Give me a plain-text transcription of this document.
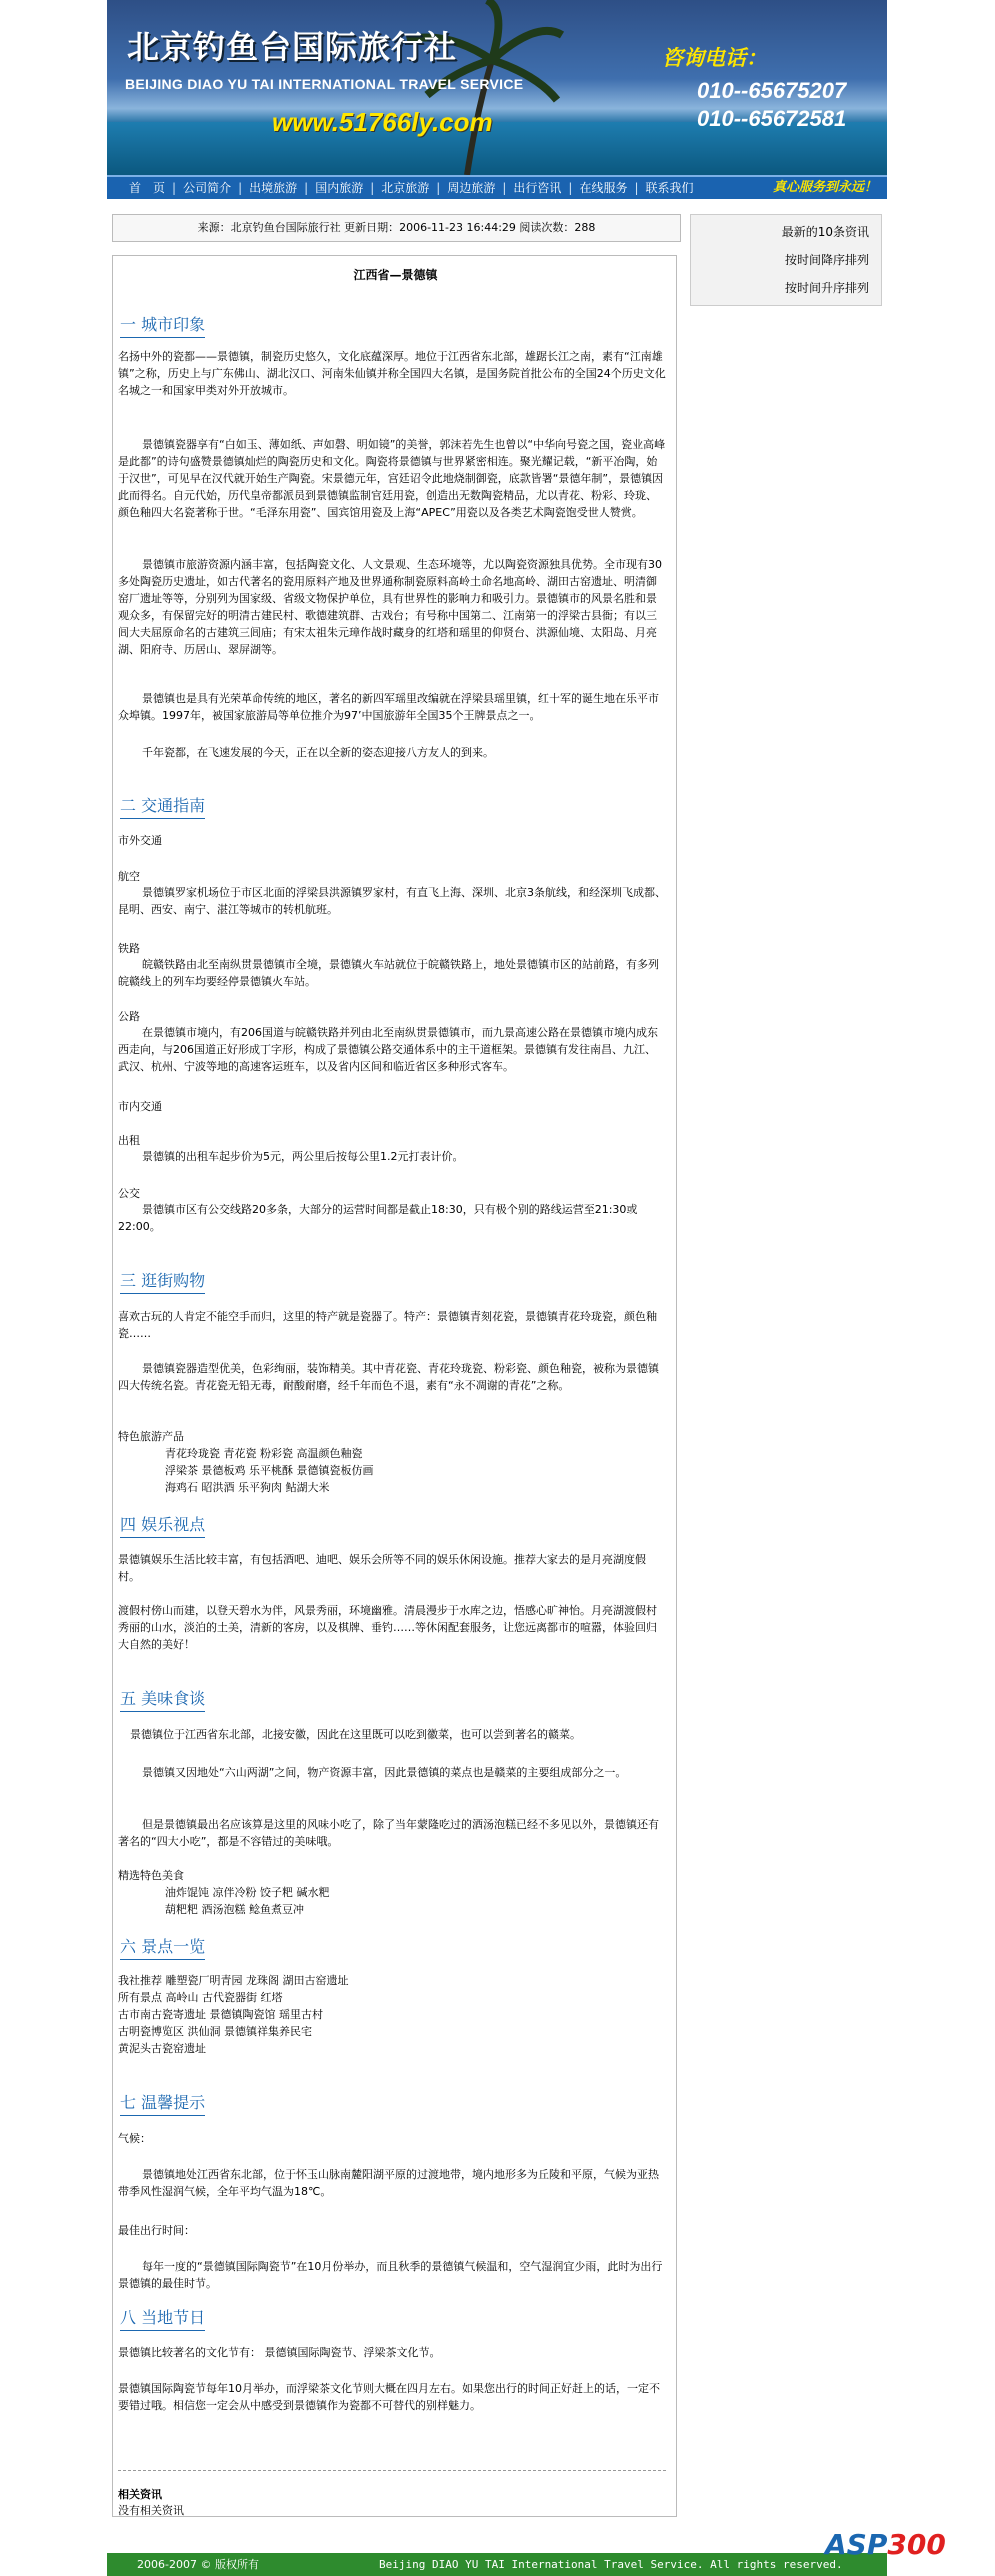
北京钓鱼台国际旅行社
BEIJING DIAO YU TAI INTERNATIONAL TRAVEL SERVICE
www.51766ly.com
咨询电话：
010--65675207
010--65672581
首　页 | 公司简介 | 出境旅游 | 国内旅游 | 北京旅游 | 周边旅游 | 出行咨讯 | 在线服务 | 联系我们	真心服务到永远！
来源：北京钓鱼台国际旅行社 更新日期：2006-11-23 16:44:29 阅读次数：288	最新的10条资讯
按时间降序排列
按时间升序排列
江西省—景德镇
一 城市印象
名扬中外的瓷都——景德镇，制瓷历史悠久，文化底蕴深厚。地位于江西省东北部，雄踞长江之南，素有“江南雄镇”之称，历史上与广东佛山、湖北汉口、河南朱仙镇并称全国四大名镇，是国务院首批公布的全国24个历史文化名城之一和国家甲类对外开放城市。
景德镇瓷器享有“白如玉、薄如纸、声如磬、明如镜”的美誉，郭沫若先生也曾以“中华向号瓷之国，瓷业高峰是此都”的诗句盛赞景德镇灿烂的陶瓷历史和文化。陶瓷将景德镇与世界紧密相连。聚光耀记载，“新平冶陶，始于汉世”，可见早在汉代就开始生产陶瓷。宋景德元年，宫廷诏令此地烧制御瓷，底款皆署“景德年制”，景德镇因此而得名。自元代始，历代皇帝都派员到景德镇监制官廷用瓷，创造出无数陶瓷精品，尤以青花、粉彩、玲珑、颜色釉四大名瓷著称于世。“毛泽东用瓷”、国宾馆用瓷及上海“APEC”用瓷以及各类艺术陶瓷饱受世人赞赏。
景德镇市旅游资源内涵丰富，包括陶瓷文化、人文景观、生态环境等，尤以陶瓷资源独具优势。全市现有30多处陶瓷历史遗址，如古代著名的瓷用原料产地及世界通称制瓷原料高岭土命名地高岭、湖田古窑遗址、明清御窑厂遗址等等，分别列为国家级、省级文物保护单位，具有世界性的影响力和吸引力。景德镇市的风景名胜和景观众多，有保留完好的明清古建民村、歌德建筑群、古戏台；有号称中国第二、江南第一的浮梁古县衙；有以三闾大夫屈原命名的古建筑三闾庙；有宋太祖朱元璋作战时藏身的红塔和瑶里的仰贤台、洪源仙境、太阳岛、月亮湖、阳府寺、历居山、翠屏湖等。
景德镇也是具有光荣革命传统的地区，著名的新四军瑶里改编就在浮梁县瑶里镇，红十军的诞生地在乐平市众埠镇。1997年，被国家旅游局等单位推介为97’中国旅游年全国35个王牌景点之一。
千年瓷都，在飞速发展的今天，正在以全新的姿态迎接八方友人的到来。
二 交通指南
市外交通
航空
景德镇罗家机场位于市区北面的浮梁县洪源镇罗家村，有直飞上海、深圳、北京3条航线，和经深圳飞成都、昆明、西安、南宁、湛江等城市的转机航班。
铁路
皖赣铁路由北至南纵贯景德镇市全境，景德镇火车站就位于皖赣铁路上，地处景德镇市区的站前路，有多列皖赣线上的列车均要经停景德镇火车站。
公路
在景德镇市境内，有206国道与皖赣铁路并列由北至南纵贯景德镇市，而九景高速公路在景德镇市境内成东西走向，与206国道正好形成丁字形，构成了景德镇公路交通体系中的主干道框架。景德镇有发往南昌、九江、武汉、杭州、宁波等地的高速客运班车，以及省内区间和临近省区多种形式客车。
市内交通
出租
景德镇的出租车起步价为5元，两公里后按每公里1.2元打表计价。
公交
景德镇市区有公交线路20多条，大部分的运营时间都是截止18:30，只有极个别的路线运营至21:30或22:00。
三 逛街购物
喜欢古玩的人肯定不能空手而归，这里的特产就是瓷器了。特产：景德镇青刻花瓷，景德镇青花玲珑瓷，颜色釉瓷……
景德镇瓷器造型优美，色彩绚丽，装饰精美。其中青花瓷、青花玲珑瓷、粉彩瓷、颜色釉瓷，被称为景德镇四大传统名瓷。青花瓷无铅无毒，耐酸耐磨，经千年而色不退，素有“永不凋谢的青花”之称。
特色旅游产品
青花玲珑瓷 青花瓷 粉彩瓷 高温颜色釉瓷
浮梁茶 景德板鸡 乐平桃酥 景德镇瓷板仿画
海鸡石 昭洪酒 乐平狗肉 鲇湖大米
四 娱乐视点
景德镇娱乐生活比较丰富，有包括酒吧、迪吧、娱乐会所等不同的娱乐休闲设施。推荐大家去的是月亮湖度假村。
渡假村傍山而建，以登天碧水为伴，风景秀丽，环境幽雅。清晨漫步于水库之边，悟感心旷神怡。月亮湖渡假村秀丽的山水，淡泊的土美，清新的客房，以及棋牌、垂钓……等休闲配套服务，让您远离都市的喧嚣，体验回归大自然的美好！
五 美味食谈
景德镇位于江西省东北部，北接安徽，因此在这里既可以吃到徽菜，也可以尝到著名的赣菜。
景德镇又因地处“六山两湖”之间，物产资源丰富，因此景德镇的菜点也是赣菜的主要组成部分之一。
但是景德镇最出名应该算是这里的风味小吃了，除了当年蒙隆吃过的酒汤泡糕已经不多见以外，景德镇还有著名的“四大小吃”，都是不容错过的美味哦。
精选特色美食
油炸馄饨 凉伴冷粉 饺子粑 碱水粑
葫粑粑 酒汤泡糕 鲶鱼煮豆冲
六 景点一览
我社推荐 雕塑瓷厂明青园 龙珠阁 湖田古窑遗址
所有景点 高岭山 古代瓷器街 红塔
古市南古瓷寄遗址 景德镇陶瓷馆 瑶里古村
古明瓷博览区 洪仙洞 景德镇祥集养民宅
黄泥头古瓷窑遗址
七 温馨提示
气候：
景德镇地处江西省东北部，位于怀玉山脉南麓阳湖平原的过渡地带，境内地形多为丘陵和平原，气候为亚热带季风性湿润气候，全年平均气温为18℃。
最佳出行时间：
每年一度的“景德镇国际陶瓷节”在10月份举办，而且秋季的景德镇气候温和，空气湿润宜少雨，此时为出行景德镇的最佳时节。
八 当地节日
景德镇比较著名的文化节有： 景德镇国际陶瓷节、浮梁茶文化节。
景德镇国际陶瓷节每年10月举办，而浮梁茶文化节则大概在四月左右。如果您出行的时间正好赶上的话，一定不要错过哦。相信您一定会从中感受到景德镇作为瓷都不可替代的别样魅力。
相关资讯
没有相关资讯
2006-2007 © 版权所有	Beijing DIAO YU TAI International Travel Service. All rights reserved.
ASP300
